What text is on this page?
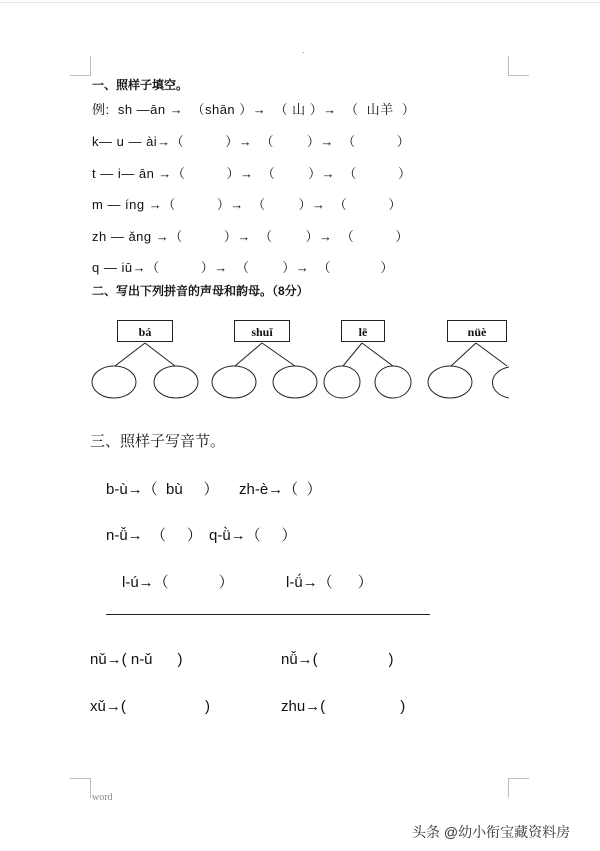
一、照样子填空。
例:  sh —ān →  （shān ）→  （ 山 ）→  （  山羊  ）
k— u — ài→（          ）→  （        ）→  （          ）
t — i— ān →（          ）→  （        ）→  （          ）
m — íng →（          ）→  （        ）→  （          ）
zh — ǎng →（          ）→  （        ）→  （          ）
q — iū→（          ）→  （        ）→  （            ）
二、写出下列拼音的声母和韵母。（8分）
bá	shuǐ	lē	nüè
三、照样子写音节。
b-ù→（  bù     ） zh-è→（  ）
n-ǚ→  （     ） q-ǜ→（     ）
l-ú→（            ）	l-ǘ→（      ）
nǔ→( n-ǔ      )	nǚ→(                 )
xǔ→(                   )	zhu→(                  )
word
头条 @幼小衔宝藏资料房
